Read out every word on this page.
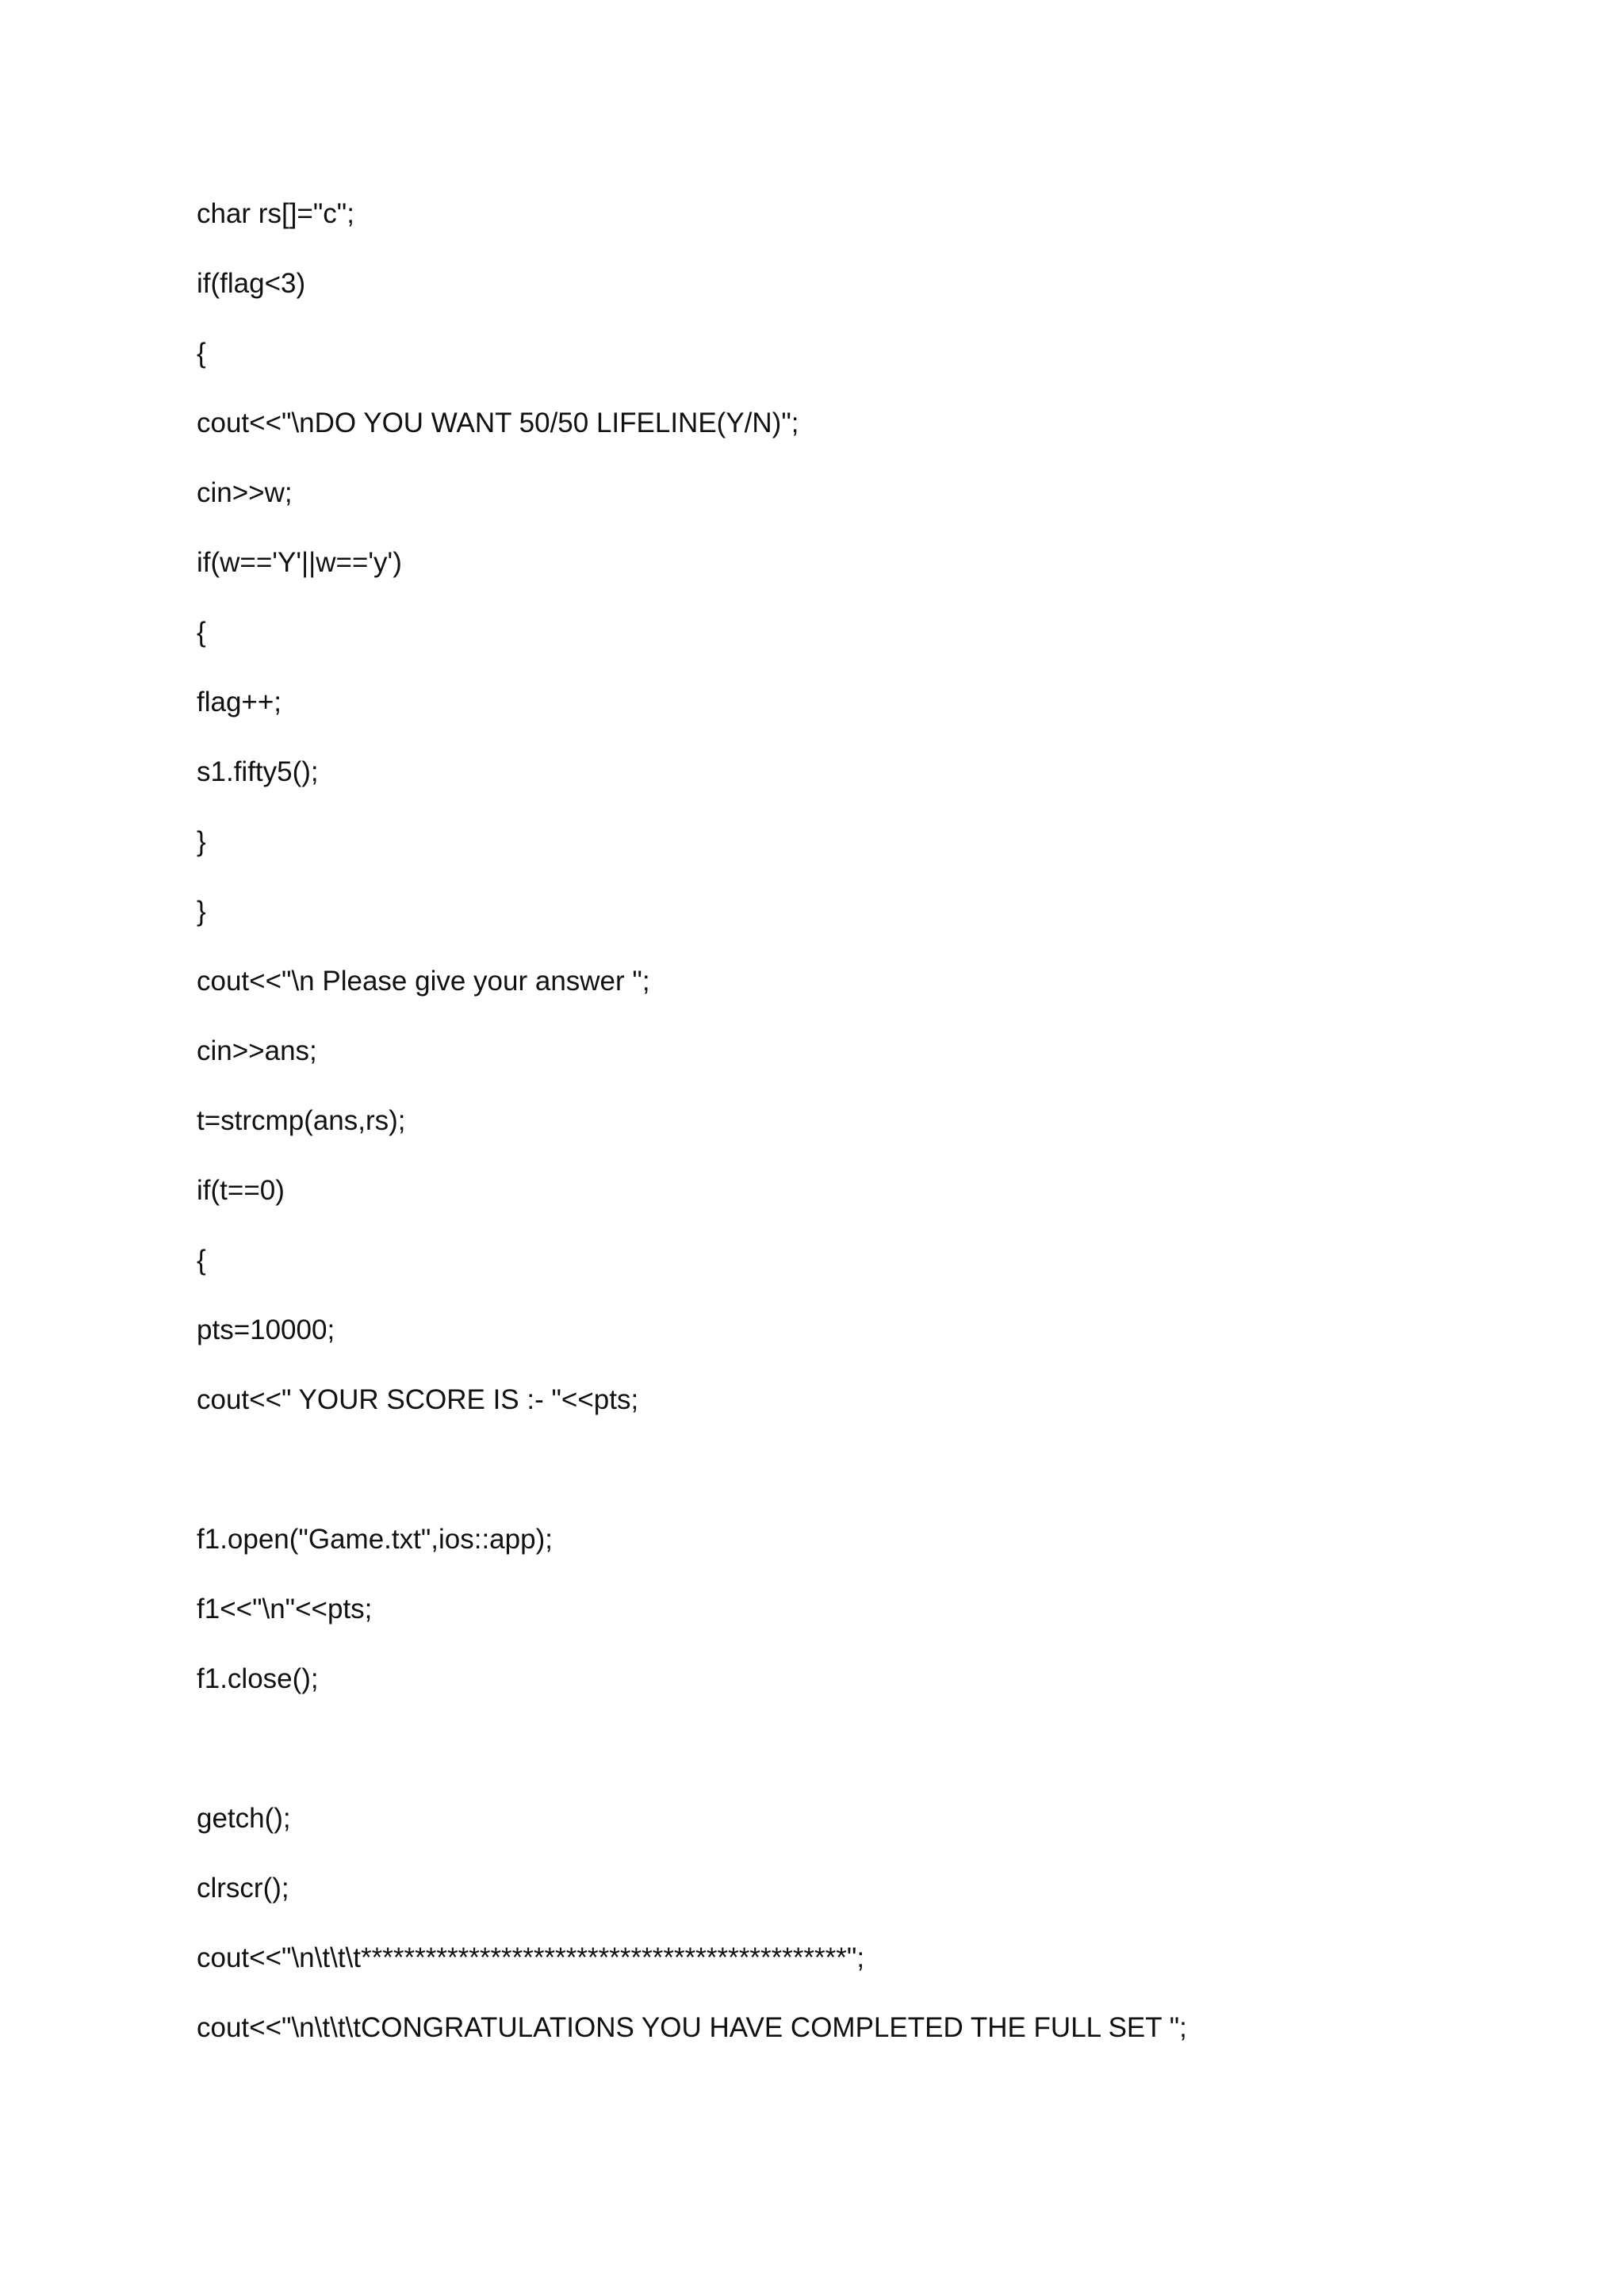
char rs[]="c";
if(flag<3)
{
cout<<"\nDO YOU WANT 50/50 LIFELINE(Y/N)";
cin>>w;
if(w=='Y'||w=='y')
{
flag++;
s1.fifty5();
}
}
cout<<"\n Please give your answer ";
cin>>ans;
t=strcmp(ans,rs);
if(t==0)
{
pts=10000;
cout<<" YOUR SCORE IS :- "<<pts;
f1.open("Game.txt",ios::app);
f1<<"\n"<<pts;
f1.close();
getch();
clrscr();
cout<<"\n\t\t\t*********************************************";
cout<<"\n\t\t\tCONGRATULATIONS YOU HAVE COMPLETED THE FULL SET ";
